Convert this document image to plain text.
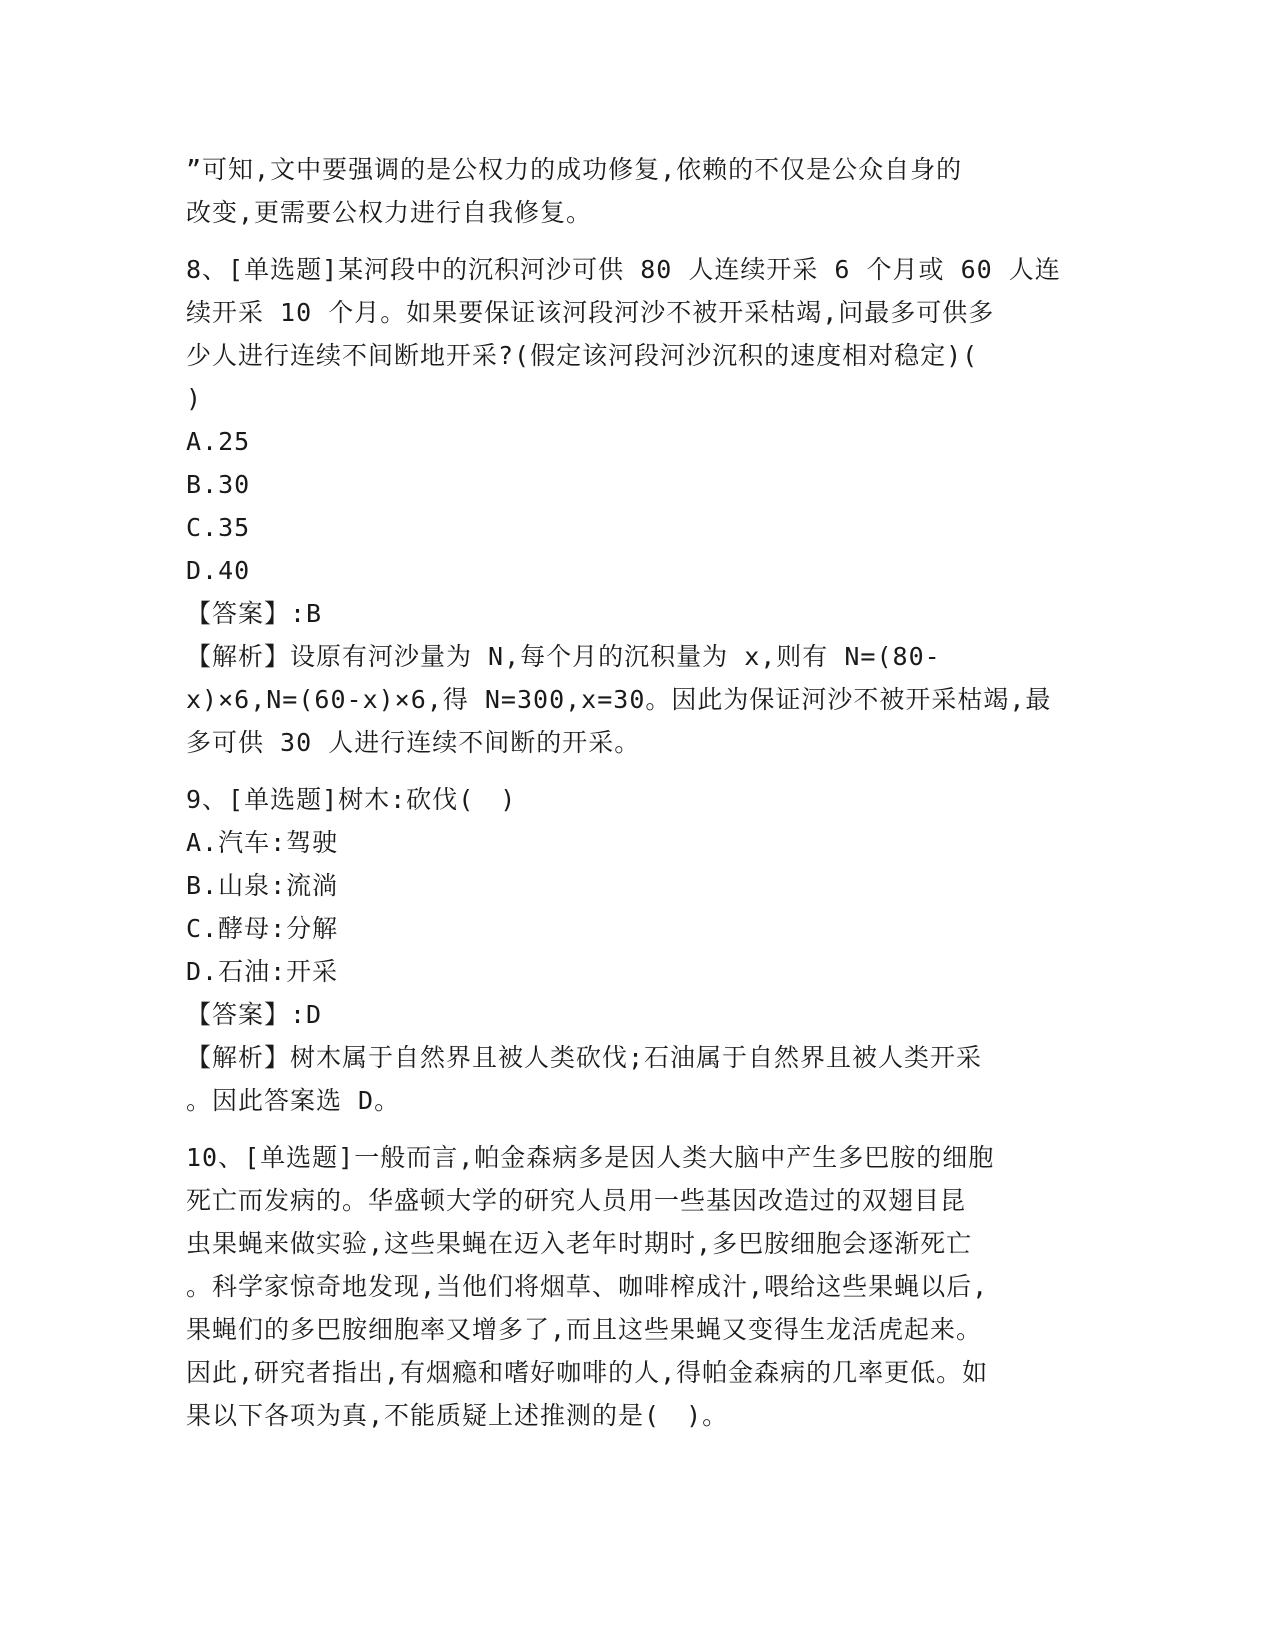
”可知,文中要强调的是公权力的成功修复,依赖的不仅是公众自身的
改变,更需要公权力进行自我修复。
8、[单选题]某河段中的沉积河沙可供 80 人连续开采 6 个月或 60 人连
续开采 10 个月。如果要保证该河段河沙不被开采枯竭,问最多可供多
少人进行连续不间断地开采?(假定该河段河沙沉积的速度相对稳定)(
)
A.25
B.30
C.35
D.40
【答案】:B
【解析】设原有河沙量为 N,每个月的沉积量为 x,则有 N=(80-
x)×6,N=(60-x)×6,得 N=300,x=30。因此为保证河沙不被开采枯竭,最
多可供 30 人进行连续不间断的开采。
9、[单选题]树木:砍伐(　)
A.汽车:驾驶
B.山泉:流淌
C.酵母:分解
D.石油:开采
【答案】:D
【解析】树木属于自然界且被人类砍伐;石油属于自然界且被人类开采
。因此答案选 D。
10、[单选题]一般而言,帕金森病多是因人类大脑中产生多巴胺的细胞
死亡而发病的。华盛顿大学的研究人员用一些基因改造过的双翅目昆
虫果蝇来做实验,这些果蝇在迈入老年时期时,多巴胺细胞会逐渐死亡
。科学家惊奇地发现,当他们将烟草、咖啡榨成汁,喂给这些果蝇以后,
果蝇们的多巴胺细胞率又增多了,而且这些果蝇又变得生龙活虎起来。
因此,研究者指出,有烟瘾和嗜好咖啡的人,得帕金森病的几率更低。如
果以下各项为真,不能质疑上述推测的是(　)。
